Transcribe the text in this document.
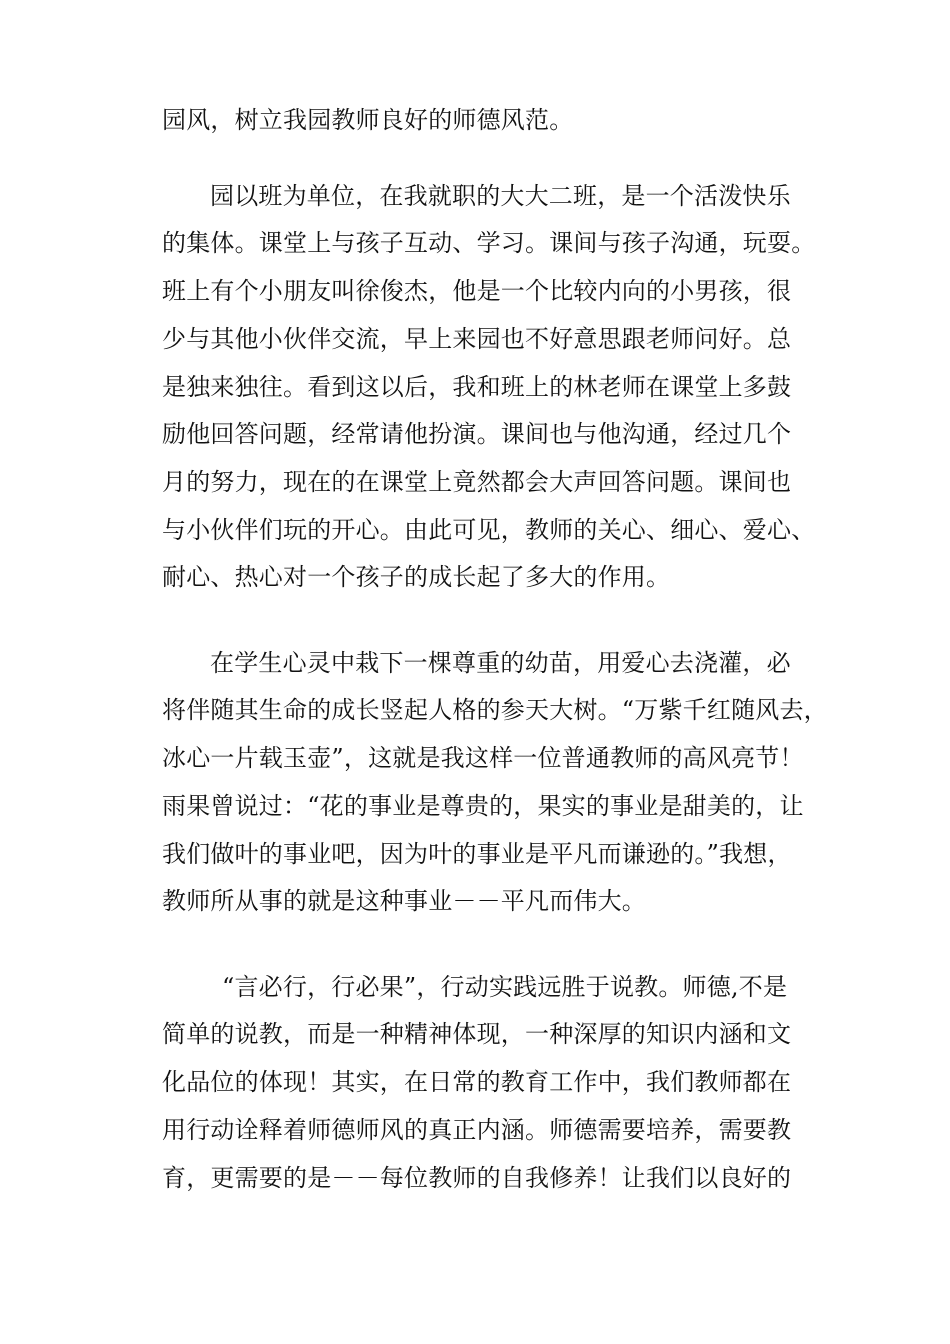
园风，树立我园教师良好的师德风范。
园以班为单位，在我就职的大大二班，是一个活泼快乐
的集体。课堂上与孩子互动、学习。课间与孩子沟通，玩耍。
班上有个小朋友叫徐俊杰，他是一个比较内向的小男孩，很
少与其他小伙伴交流，早上来园也不好意思跟老师问好。总
是独来独往。看到这以后，我和班上的林老师在课堂上多鼓
励他回答问题，经常请他扮演。课间也与他沟通，经过几个
月的努力，现在的在课堂上竟然都会大声回答问题。课间也
与小伙伴们玩的开心。由此可见，教师的关心、细心、爱心、
耐心、热心对一个孩子的成长起了多大的作用。
在学生心灵中栽下一棵尊重的幼苗，用爱心去浇灌，必
将伴随其生命的成长竖起人格的参天大树。“万紫千红随风去，
冰心一片载玉壶”，这就是我这样一位普通教师的高风亮节！
雨果曾说过：“花的事业是尊贵的，果实的事业是甜美的，让
我们做叶的事业吧，因为叶的事业是平凡而谦逊的。”我想，
教师所从事的就是这种事业－－平凡而伟大。
“言必行，行必果”，行动实践远胜于说教。师德,不是
简单的说教，而是一种精神体现，一种深厚的知识内涵和文
化品位的体现！其实，在日常的教育工作中，我们教师都在
用行动诠释着师德师风的真正内涵。师德需要培养，需要教
育，更需要的是－－每位教师的自我修养！让我们以良好的
